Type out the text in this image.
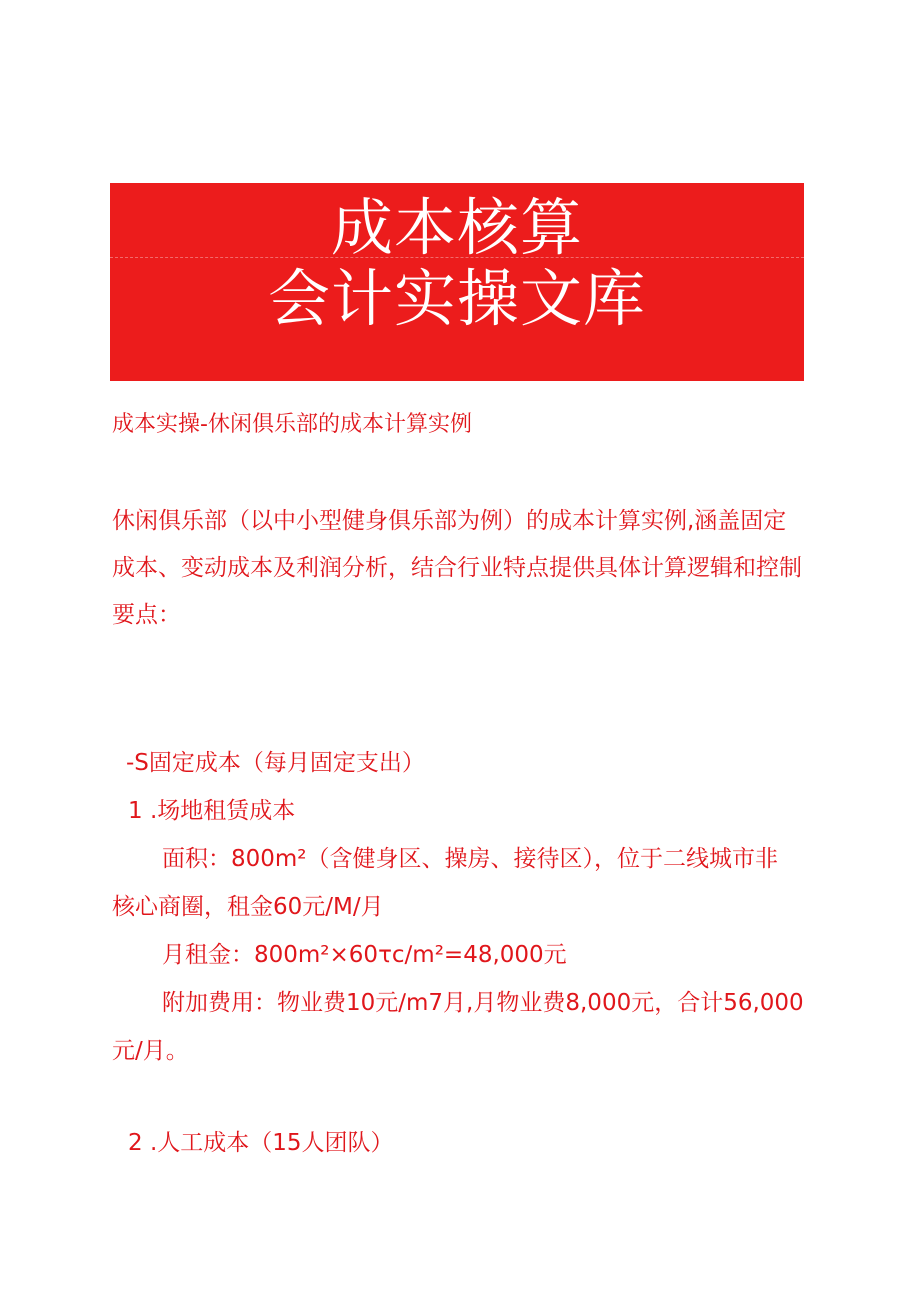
成本核算
会计实操文库
成本实操-休闲俱乐部的成本计算实例
休闲俱乐部（以中小型健身俱乐部为例）的成本计算实例,涵盖固定
成本、变动成本及利润分析，结合行业特点提供具体计算逻辑和控制
要点：
-S固定成本（每月固定支出）
1 .场地租赁成本
面积：800m²（含健身区、操房、接待区），位于二线城市非
核心商圈，租金60元/M/月
月租金：800m²×60τc∕m²=48,000元
附加费用：物业费10元∕m7月,月物业费8,000元，合计56,000
元/月。
2 .人工成本（15人团队）
